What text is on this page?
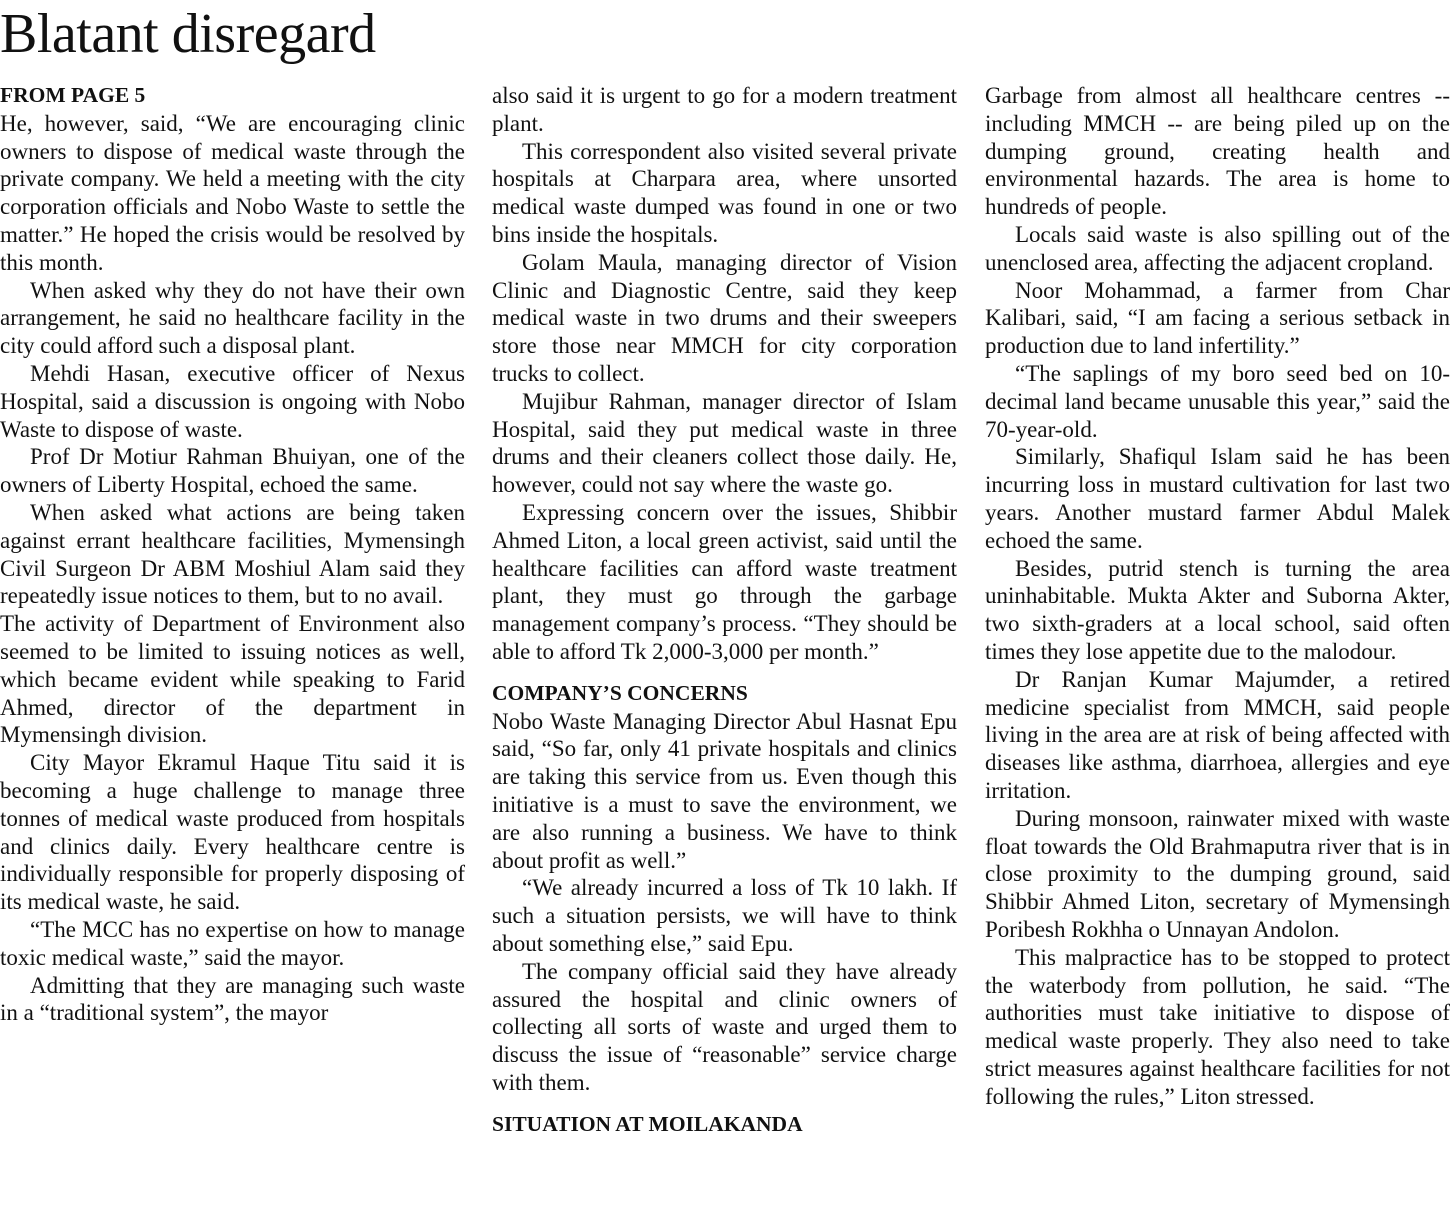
Blatant disregard
FROM PAGE 5

He, however, said, “We are encouraging clinic owners to dispose of medical waste through the private company. We held a meeting with the city corporation officials and Nobo Waste to settle the matter.” He hoped the crisis would be resolved by this month.

When asked why they do not have their own arrangement, he said no healthcare facility in the city could afford such a disposal plant.

Mehdi Hasan, executive officer of Nexus Hospital, said a discussion is ongoing with Nobo Waste to dispose of waste.

Prof Dr Motiur Rahman Bhuiyan, one of the owners of Liberty Hospital, echoed the same.

When asked what actions are being taken against errant healthcare facilities, Mymensingh Civil Surgeon Dr ABM Moshiul Alam said they repeatedly issue notices to them, but to no avail.

The activity of Department of Environment also seemed to be limited to issuing notices as well, which became evident while speaking to Farid Ahmed, director of the department in Mymensingh division.

City Mayor Ekramul Haque Titu said it is becoming a huge challenge to manage three tonnes of medical waste produced from hospitals and clinics daily. Every healthcare centre is individually responsible for properly disposing of its medical waste, he said.

“The MCC has no expertise on how to manage toxic medical waste,” said the mayor.

Admitting that they are managing such waste in a “traditional system”, the mayor

also said it is urgent to go for a modern treatment plant.

This correspondent also visited several private hospitals at Charpara area, where unsorted medical waste dumped was found in one or two bins inside the hospitals.

Golam Maula, managing director of Vision Clinic and Diagnostic Centre, said they keep medical waste in two drums and their sweepers store those near MMCH for city corporation trucks to collect.

Mujibur Rahman, manager director of Islam Hospital, said they put medical waste in three drums and their cleaners collect those daily. He, however, could not say where the waste go.

Expressing concern over the issues, Shibbir Ahmed Liton, a local green activist, said until the healthcare facilities can afford waste treatment plant, they must go through the garbage management company’s process. “They should be able to afford Tk 2,000-3,000 per month.”

COMPANY’S CONCERNS

Nobo Waste Managing Director Abul Hasnat Epu said, “So far, only 41 private hospitals and clinics are taking this service from us. Even though this initiative is a must to save the environment, we are also running a business. We have to think about profit as well.”

“We already incurred a loss of Tk 10 lakh. If such a situation persists, we will have to think about something else,” said Epu.

The company official said they have already assured the hospital and clinic owners of collecting all sorts of waste and urged them to discuss the issue of “reasonable” service charge with them.

SITUATION AT MOILAKANDA

Garbage from almost all healthcare centres -- including MMCH -- are being piled up on the dumping ground, creating health and environmental hazards. The area is home to hundreds of people.

Locals said waste is also spilling out of the unenclosed area, affecting the adjacent cropland.

Noor Mohammad, a farmer from Char Kalibari, said, “I am facing a serious setback in production due to land infertility.”

“The saplings of my boro seed bed on 10-decimal land became unusable this year,” said the 70-year-old.

Similarly, Shafiqul Islam said he has been incurring loss in mustard cultivation for last two years. Another mustard farmer Abdul Malek echoed the same.

Besides, putrid stench is turning the area uninhabitable. Mukta Akter and Suborna Akter, two sixth-graders at a local school, said often times they lose appetite due to the malodour.

Dr Ranjan Kumar Majumder, a retired medicine specialist from MMCH, said people living in the area are at risk of being affected with diseases like asthma, diarrhoea, allergies and eye irritation.

During monsoon, rainwater mixed with waste float towards the Old Brahmaputra river that is in close proximity to the dumping ground, said Shibbir Ahmed Liton, secretary of Mymensingh Poribesh Rokhha o Unnayan Andolon.

This malpractice has to be stopped to protect the waterbody from pollution, he said. “The authorities must take initiative to dispose of medical waste properly. They also need to take strict measures against healthcare facilities for not following the rules,” Liton stressed.
